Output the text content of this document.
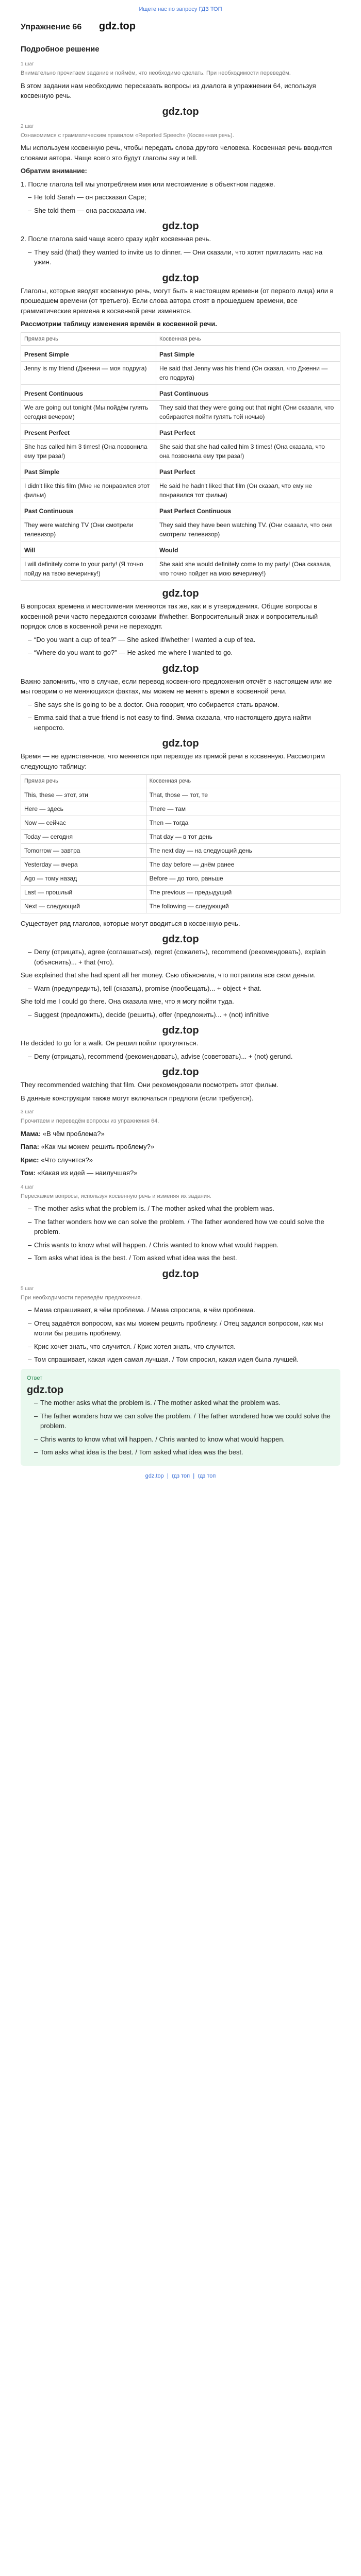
Ищете нас по запросу ГДЗ ТОП
Упражнение 66 gdz.top
Подробное решение
1 шаг
Внимательно прочитаем задание и поймём, что необходимо сделать. При необходимости переведём.

В этом задании нам необходимо пересказать вопросы из диалога в упражнении 64, используя косвенную речь.

gdz.top
2 шаг
Ознакомимся с грамматическим правилом «Reported Speech» (Косвенная речь).

Мы используем косвенную речь, чтобы передать слова другого человека. Косвенная речь вводится словами автора. Чаще всего это будут глаголы say и tell.

Обратим внимание:

1. После глагола tell мы употребляем имя или местоимение в объектном падеже.

– He told Sarah — он рассказал Саре;
– She told them — она рассказала им.
gdz.top

2. После глагола said чаще всего сразу идёт косвенная речь.

– They said (that) they wanted to invite us to dinner. — Они сказали, что хотят пригласить нас на ужин.
gdz.top

Глаголы, которые вводят косвенную речь, могут быть в настоящем времени (от первого лица) или в прошедшем времени (от третьего). Если слова автора стоят в прошедшем времени, все грамматические времена в косвенной речи изменятся.

Рассмотрим таблицу изменения времён в косвенной речи.

Прямая речь	Косвенная речь
Present Simple	Past Simple
Jenny is my friend (Дженни — моя подруга)	He said that Jenny was his friend (Он сказал, что Дженни — его подруга)
Present Continuous	Past Continuous
We are going out tonight (Мы пойдём гулять сегодня вечером)	They said that they were going out that night (Они сказали, что собираются пойти гулять той ночью)
Present Perfect	Past Perfect
She has called him 3 times! (Она позвонила ему три раза!)	She said that she had called him 3 times! (Она сказала, что она позвонила ему три раза!)
Past Simple	Past Perfect
I didn't like this film (Мне не понравился этот фильм)	He said he hadn't liked that film (Он сказал, что ему не понравился тот фильм)
Past Continuous	Past Perfect Continuous
They were watching TV (Они смотрели телевизор)	They said they have been watching TV. (Они сказали, что они смотрели телевизор)
Will	Would
I will definitely come to your party! (Я точно пойду на твою вечеринку!)	She said she would definitely come to my party! (Она сказала, что точно пойдет на мою вечеринку!)
gdz.top

В вопросах времена и местоимения меняются так же, как и в утверждениях. Общие вопросы в косвенной речи часто передаются союзами if/whether. Вопросительный знак и вопросительный порядок слов в косвенной речи не переходят.

– “Do you want a cup of tea?” — She asked if/whether I wanted a cup of tea.
– “Where do you want to go?” — He asked me where I wanted to go.
gdz.top

Важно запомнить, что в случае, если перевод косвенного предложения отсчёт в настоящем или же мы говорим о не меняющихся фактах, мы можем не менять время в косвенной речи.

– She says she is going to be a doctor. Она говорит, что собирается стать врачом.
– Emma said that a true friend is not easy to find. Эмма сказала, что настоящего друга найти непросто.
gdz.top

Время — не единственное, что меняется при переходе из прямой речи в косвенную. Рассмотрим следующую таблицу:

Прямая речь	Косвенная речь
This, these — этот, эти	That, those — тот, те
Here — здесь	There — там
Now — сейчас	Then — тогда
Today — сегодня	That day — в тот день
Tomorrow — завтра	The next day — на следующий день
Yesterday — вчера	The day before — днём ранее
Ago — тому назад	Before — до того, раньше
Last — прошлый	The previous — предыдущий
Next — следующий	The following — следующий

Существует ряд глаголов, которые могут вводиться в косвенную речь.

gdz.top
– Deny (отрицать), agree (соглашаться), regret (сожалеть), recommend (рекомендовать), explain (объяснить)... + that (что).

Sue explained that she had spent all her money. Сью объяснила, что потратила все свои деньги.

– Warn (предупредить), tell (сказать), promise (пообещать)... + object + that.

She told me I could go there. Она сказала мне, что я могу пойти туда.

– Suggest (предложить), decide (решить), offer (предложить)... + (not) infinitive
gdz.top

He decided to go for a walk. Он решил пойти прогуляться.

– Deny (отрицать), recommend (рекомендовать), advise (советовать)... + (not) gerund.
gdz.top

They recommended watching that film. Они рекомендовали посмотреть этот фильм.

В данные конструкции также могут включаться предлоги (если требуется).

3 шаг
Прочитаем и переведём вопросы из упражнения 64.

Мама: «В чём проблема?»

Папа: «Как мы можем решить проблему?»

Крис: «Что случится?»

Том: «Какая из идей — наилучшая?»

4 шаг
Перескажем вопросы, используя косвенную речь и изменяя их задания.
– The mother asks what the problem is. / The mother asked what the problem was.
– The father wonders how we can solve the problem. / The father wondered how we could solve the problem.
– Chris wants to know what will happen. / Chris wanted to know what would happen.
– Tom asks what idea is the best. / Tom asked what idea was the best.
gdz.top
5 шаг
При необходимости переведём предложения.
– Мама спрашивает, в чём проблема. / Мама спросила, в чём проблема.
– Отец задаётся вопросом, как мы можем решить проблему. / Отец задался вопросом, как мы могли бы решить проблему.
– Крис хочет знать, что случится. / Крис хотел знать, что случится.
– Том спрашивает, какая идея самая лучшая. / Том спросил, какая идея была лучшей.
Ответ
gdz.top
– The mother asks what the problem is. / The mother asked what the problem was.
– The father wonders how we can solve the problem. / The father wondered how we could solve the problem.
– Chris wants to know what will happen. / Chris wanted to know what would happen.
– Tom asks what idea is the best. / Tom asked what idea was the best.
gdz.top ❘ гдз топ ❘ гдз топ
